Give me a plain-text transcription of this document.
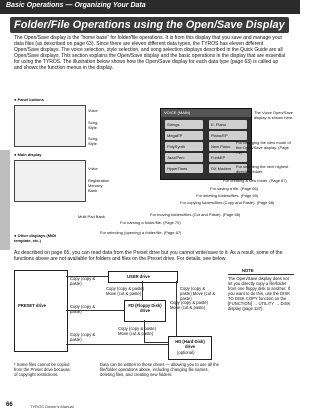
Basic Operations — Organizing Your Data
Folder/File Operations using the Open/Save Display
The Open/Save display is the "home base" for folder/file operations. It is from this display that you save and manage your data files (as described on page 63). Since there are eleven different data types, the TYROS has eleven different Open/Save displays. The voice selection, style selection, and song selection displays described in the Quick Guide are all Open/Save displays. This section explains the Open/Save display and the basic operations in the display that are essential for using the TYROS. The illustration below shows how the Open/Save display for each data type (page 63) is called up and shows the function menus in the display.
● Panel buttons
Voice
Song, Style
Song, Style
● Main display
Voice
Registration Memory Bank
Multi Pad Bank
● Other displays (MIDI template, etc.)
VOICE (MAIN)
Strings	E. Piano
MegaEP	Piano/EP
PolySynth	New Piano
Jazz/Perc	FunkEP
HyperTines	DX Modern
The Voice Open/Save display is shown here.
For changing the view mode of the Open/Save display. (Page 71)
For selecting the next highest directory folder.
For creating a new folder. (Page 67)
For saving a file. (Page 66)
For deleting folders/files. (Page 69)
For copying folders/files (Copy and Paste). (Page 68)
For moving folders/files (Cut and Paste). (Page 68)
For naming a folder/file. (Page 70)
For selecting (opening) a folder/file. (Page 67)
As described on page 65, you can read data from the Preset drive but you cannot write/save to it. As a result, some of the functions above are not available for folders and files on the Preset drive. For details, see below.
PRESET drive
USER drive
FD (Floppy Disk) drive
HD (Hard Disk) drive
(optional)
Copy (copy & paste)
Copy (copy & paste)
Copy (copy & paste)
Copy (copy & paste) Move (cut & paste)
Copy (copy & paste) Move (cut & paste)
Copy (copy & paste) Move (cut & paste)
Copy (copy & paste) Move (cut & paste)
NOTE
The Open/Save display does not let you directly copy a file/folder from one floppy disk to another. If you want to do this, use the DISK TO DISK COPY function on the [FUNCTION] → UTILITY → DISK display (page 137).
* Some files cannot be copied from the Preset drive because of copyright restrictions.
Data can be written to these drives — allowing you to use all the file/folder operations above, including changing file names, deleting files, and creating new folders.
66	TYROS Owner's Manual
